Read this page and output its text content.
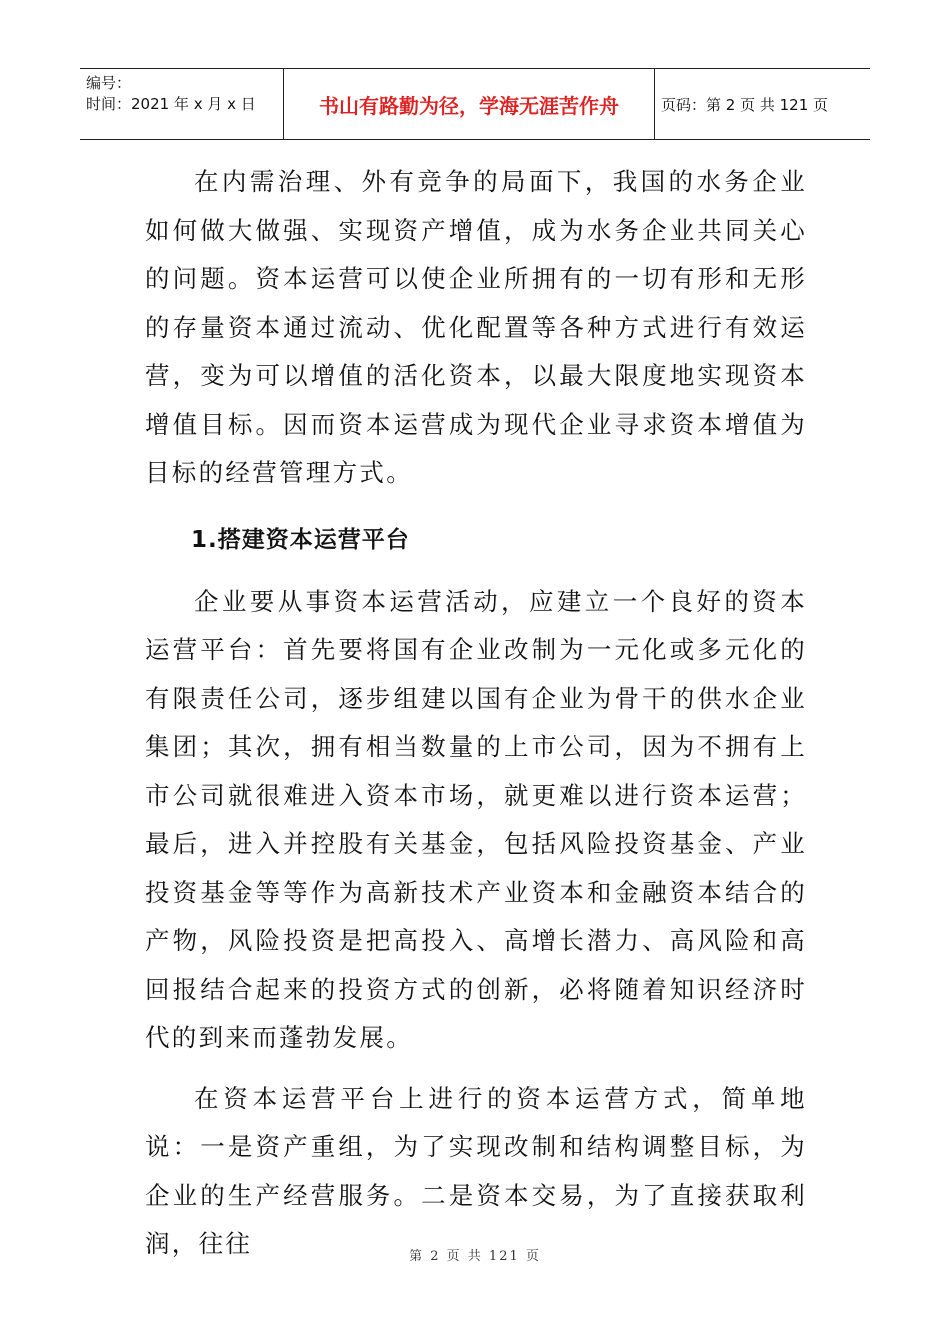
编号：
时间：2021 年 x 月 x 日	书山有路勤为径，学海无涯苦作舟	页码：第 2 页 共 121 页

在内需治理、外有竞争的局面下，我国的水务企业如何做大做强、实现资产增值，成为水务企业共同关心的问题。资本运营可以使企业所拥有的一切有形和无形的存量资本通过流动、优化配置等各种方式进行有效运营，变为可以增值的活化资本，以最大限度地实现资本增值目标。因而资本运营成为现代企业寻求资本增值为目标的经营管理方式。

1.搭建资本运营平台

企业要从事资本运营活动，应建立一个良好的资本运营平台：首先要将国有企业改制为一元化或多元化的有限责任公司，逐步组建以国有企业为骨干的供水企业集团；其次，拥有相当数量的上市公司，因为不拥有上市公司就很难进入资本市场，就更难以进行资本运营；最后，进入并控股有关基金，包括风险投资基金、产业投资基金等等作为高新技术产业资本和金融资本结合的产物，风险投资是把高投入、高增长潜力、高风险和高回报结合起来的投资方式的创新，必将随着知识经济时代的到来而蓬勃发展。

在资本运营平台上进行的资本运营方式，简单地说：一是资产重组，为了实现改制和结构调整目标，为企业的生产经营服务。二是资本交易，为了直接获取利润，往往	第 2 页 共 121 页
